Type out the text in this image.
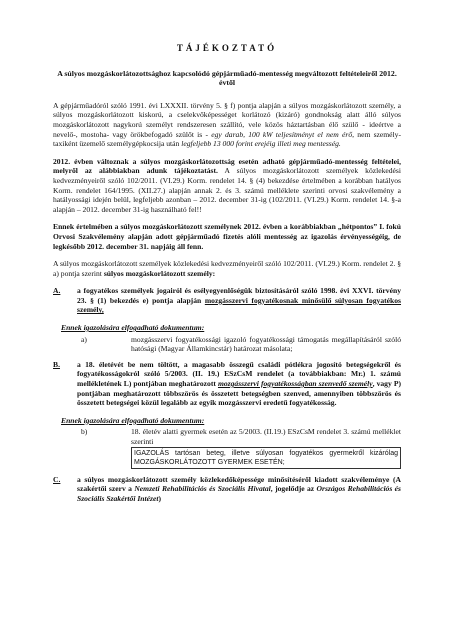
TÁJÉKOZTATÓ
A súlyos mozgáskorlátozottsághoz kapcsolódó gépjárműadó-mentesség megváltozott feltételeiről 2012. évtől

A gépjárműadóról szóló 1991. évi LXXXII. törvény 5. § f) pontja alapján a súlyos mozgáskorlátozott személy, a súlyos mozgáskorlátozott kiskorú, a cselekvőképességet korlátozó (kizáró) gondnokság alatt álló súlyos mozgáskorlátozott nagykorú személyt rendszeresen szállító, vele közös háztartásban élő szülő - ideértve a nevelő-, mostoha- vagy örökbefogadó szülőt is - egy darab, 100 kW teljesítményt el nem érő, nem személy-taxiként üzemelő személygépkocsija után legfeljebb 13 000 forint erejéig illeti meg mentesség.

2012. évben változnak a súlyos mozgáskorlátozottság esetén adható gépjárműadó-mentesség feltételei, melyről az alábbiakban adunk tájékoztatást. A súlyos mozgáskorlátozott személyek közlekedési kedvezményeiről szóló 102/2011. (VI.29.) Korm. rendelet 14. § (4) bekezdése értelmében a korábban hatályos Korm. rendelet 164/1995. (XII.27.) alapján annak 2. és 3. számú melléklete szerinti orvosi szakvélemény a hatályossági idején belül, legfeljebb azonban – 2012. december 31-ig (102/2011. (VI.29.) Korm. rendelet 14. §-a alapján – 2012. december 31-ig használható fel!!

Ennek értelmében a súlyos mozgáskorlátozott személynek 2012. évben a korábbiakban „hétpontos” I. fokú Orvosi Szakvélemény alapján adott gépjárműadó fizetés alóli mentesség az igazolás érvényességéig, de legkésőbb 2012. december 31. napjáig áll fenn.

A súlyos mozgáskorlátozott személyek közlekedési kedvezményeiről szóló 102/2011. (VI.29.) Korm. rendelet 2. § a) pontja szerint súlyos mozgáskorlátozott személy:

A.	a fogyatékos személyek jogairól és esélyegyenlőségük biztosításáról szóló 1998. évi XXVI. törvény 23. § (1) bekezdés e) pontja alapján mozgásszervi fogyatékosnak minősülő súlyosan fogyatékos személy,
Ennek igazolására elfogadható dokumentum:
a)	mozgásszervi fogyatékossági igazoló fogyatékossági támogatás megállapításáról szóló hatósági (Magyar Államkincstár) határozat másolata;
B.	a 18. életévét be nem töltött, a magasabb összegű családi pótlékra jogosító betegségekről és fogyatékosságokról szóló 5/2003. (II. 19.) ESzCsM rendelet (a továbbiakban: Mr.) 1. számú mellékletének L) pontjában meghatározott mozgásszervi fogyatékosságban szenvedő személy, vagy P) pontjában meghatározott többszörös és összetett betegségben szenved, amennyiben többszörös és összetett betegségei közül legalább az egyik mozgásszervi eredetű fogyatékosság.
Ennek igazolására elfogadható dokumentum:
b)	18. életév alatti gyermek esetén az 5/2003. (II.19.) ESzCsM rendelet 3. számú melléklet szerinti
IGAZOLÁS tartósan beteg, illetve súlyosan fogyatékos gyermekről kizárólag MOZGÁSKORLÁTOZOTT GYERMEK ESETÉN;
C.	a súlyos mozgáskorlátozott személy közlekedőképessége minősítéséről kiadott szakvéleménye (A szakértői szerv a Nemzeti Rehabilitációs és Szociális Hivatal, jogelődje az Országos Rehabilitációs és Szociális Szakértői Intézet)
